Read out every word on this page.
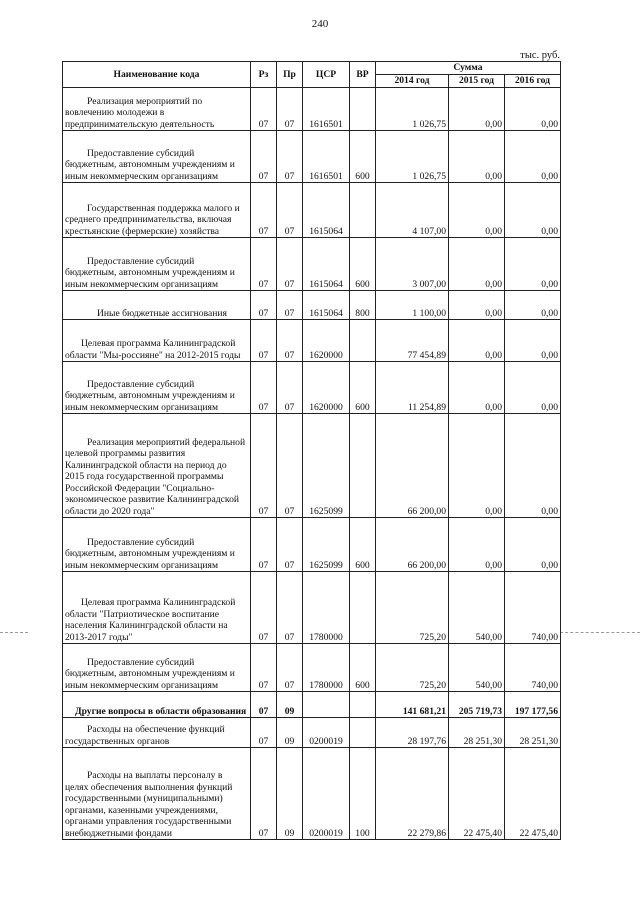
240
тыс. руб.
Наименование кода	Рз	Пр	ЦСР	ВР	Сумма		
					2014 год	2015 год	2016 год
Реализация мероприятий по вовлечению молодежи в предпринимательскую деятельность	07	07	1616501		1 026,75	0,00	0,00
Предоставление субсидий бюджетным, автономным учреждениям и иным некоммерческим организациям	07	07	1616501	600	1 026,75	0,00	0,00
Государственная поддержка малого и среднего предпринимательства, включая крестьянские (фермерские) хозяйства	07	07	1615064		4 107,00	0,00	0,00
Предоставление субсидий бюджетным, автономным учреждениям и иным некоммерческим организациям	07	07	1615064	600	3 007,00	0,00	0,00
Иные бюджетные ассигнования	07	07	1615064	800	1 100,00	0,00	0,00
Целевая программа Калининградской области "Мы-россияне" на 2012-2015 годы	07	07	1620000		77 454,89	0,00	0,00
Предоставление субсидий бюджетным, автономным учреждениям и иным некоммерческим организациям	07	07	1620000	600	11 254,89	0,00	0,00
Реализация мероприятий федеральной целевой программы развития Калининградской области на период до 2015 года государственной программы Российской Федерации "Социально-экономическое развитие Калининградской области до 2020 года"	07	07	1625099		66 200,00	0,00	0,00
Предоставление субсидий бюджетным, автономным учреждениям и иным некоммерческим организациям	07	07	1625099	600	66 200,00	0,00	0,00
Целевая программа Калининградской области "Патриотическое воспитание населения Калининградской области на 2013-2017 годы"	07	07	1780000		725,20	540,00	740,00
Предоставление субсидий бюджетным, автономным учреждениям и иным некоммерческим организациям	07	07	1780000	600	725,20	540,00	740,00
Другие вопросы в области образования	07	09			141 681,21	205 719,73	197 177,56
Расходы на обеспечение функций государственных органов	07	09	0200019		28 197,76	28 251,30	28 251,30
Расходы на выплаты персоналу в целях обеспечения выполнения функций государственными (муниципальными) органами, казенными учреждениями, органами управления государственными внебюджетными фондами	07	09	0200019	100	22 279,86	22 475,40	22 475,40
